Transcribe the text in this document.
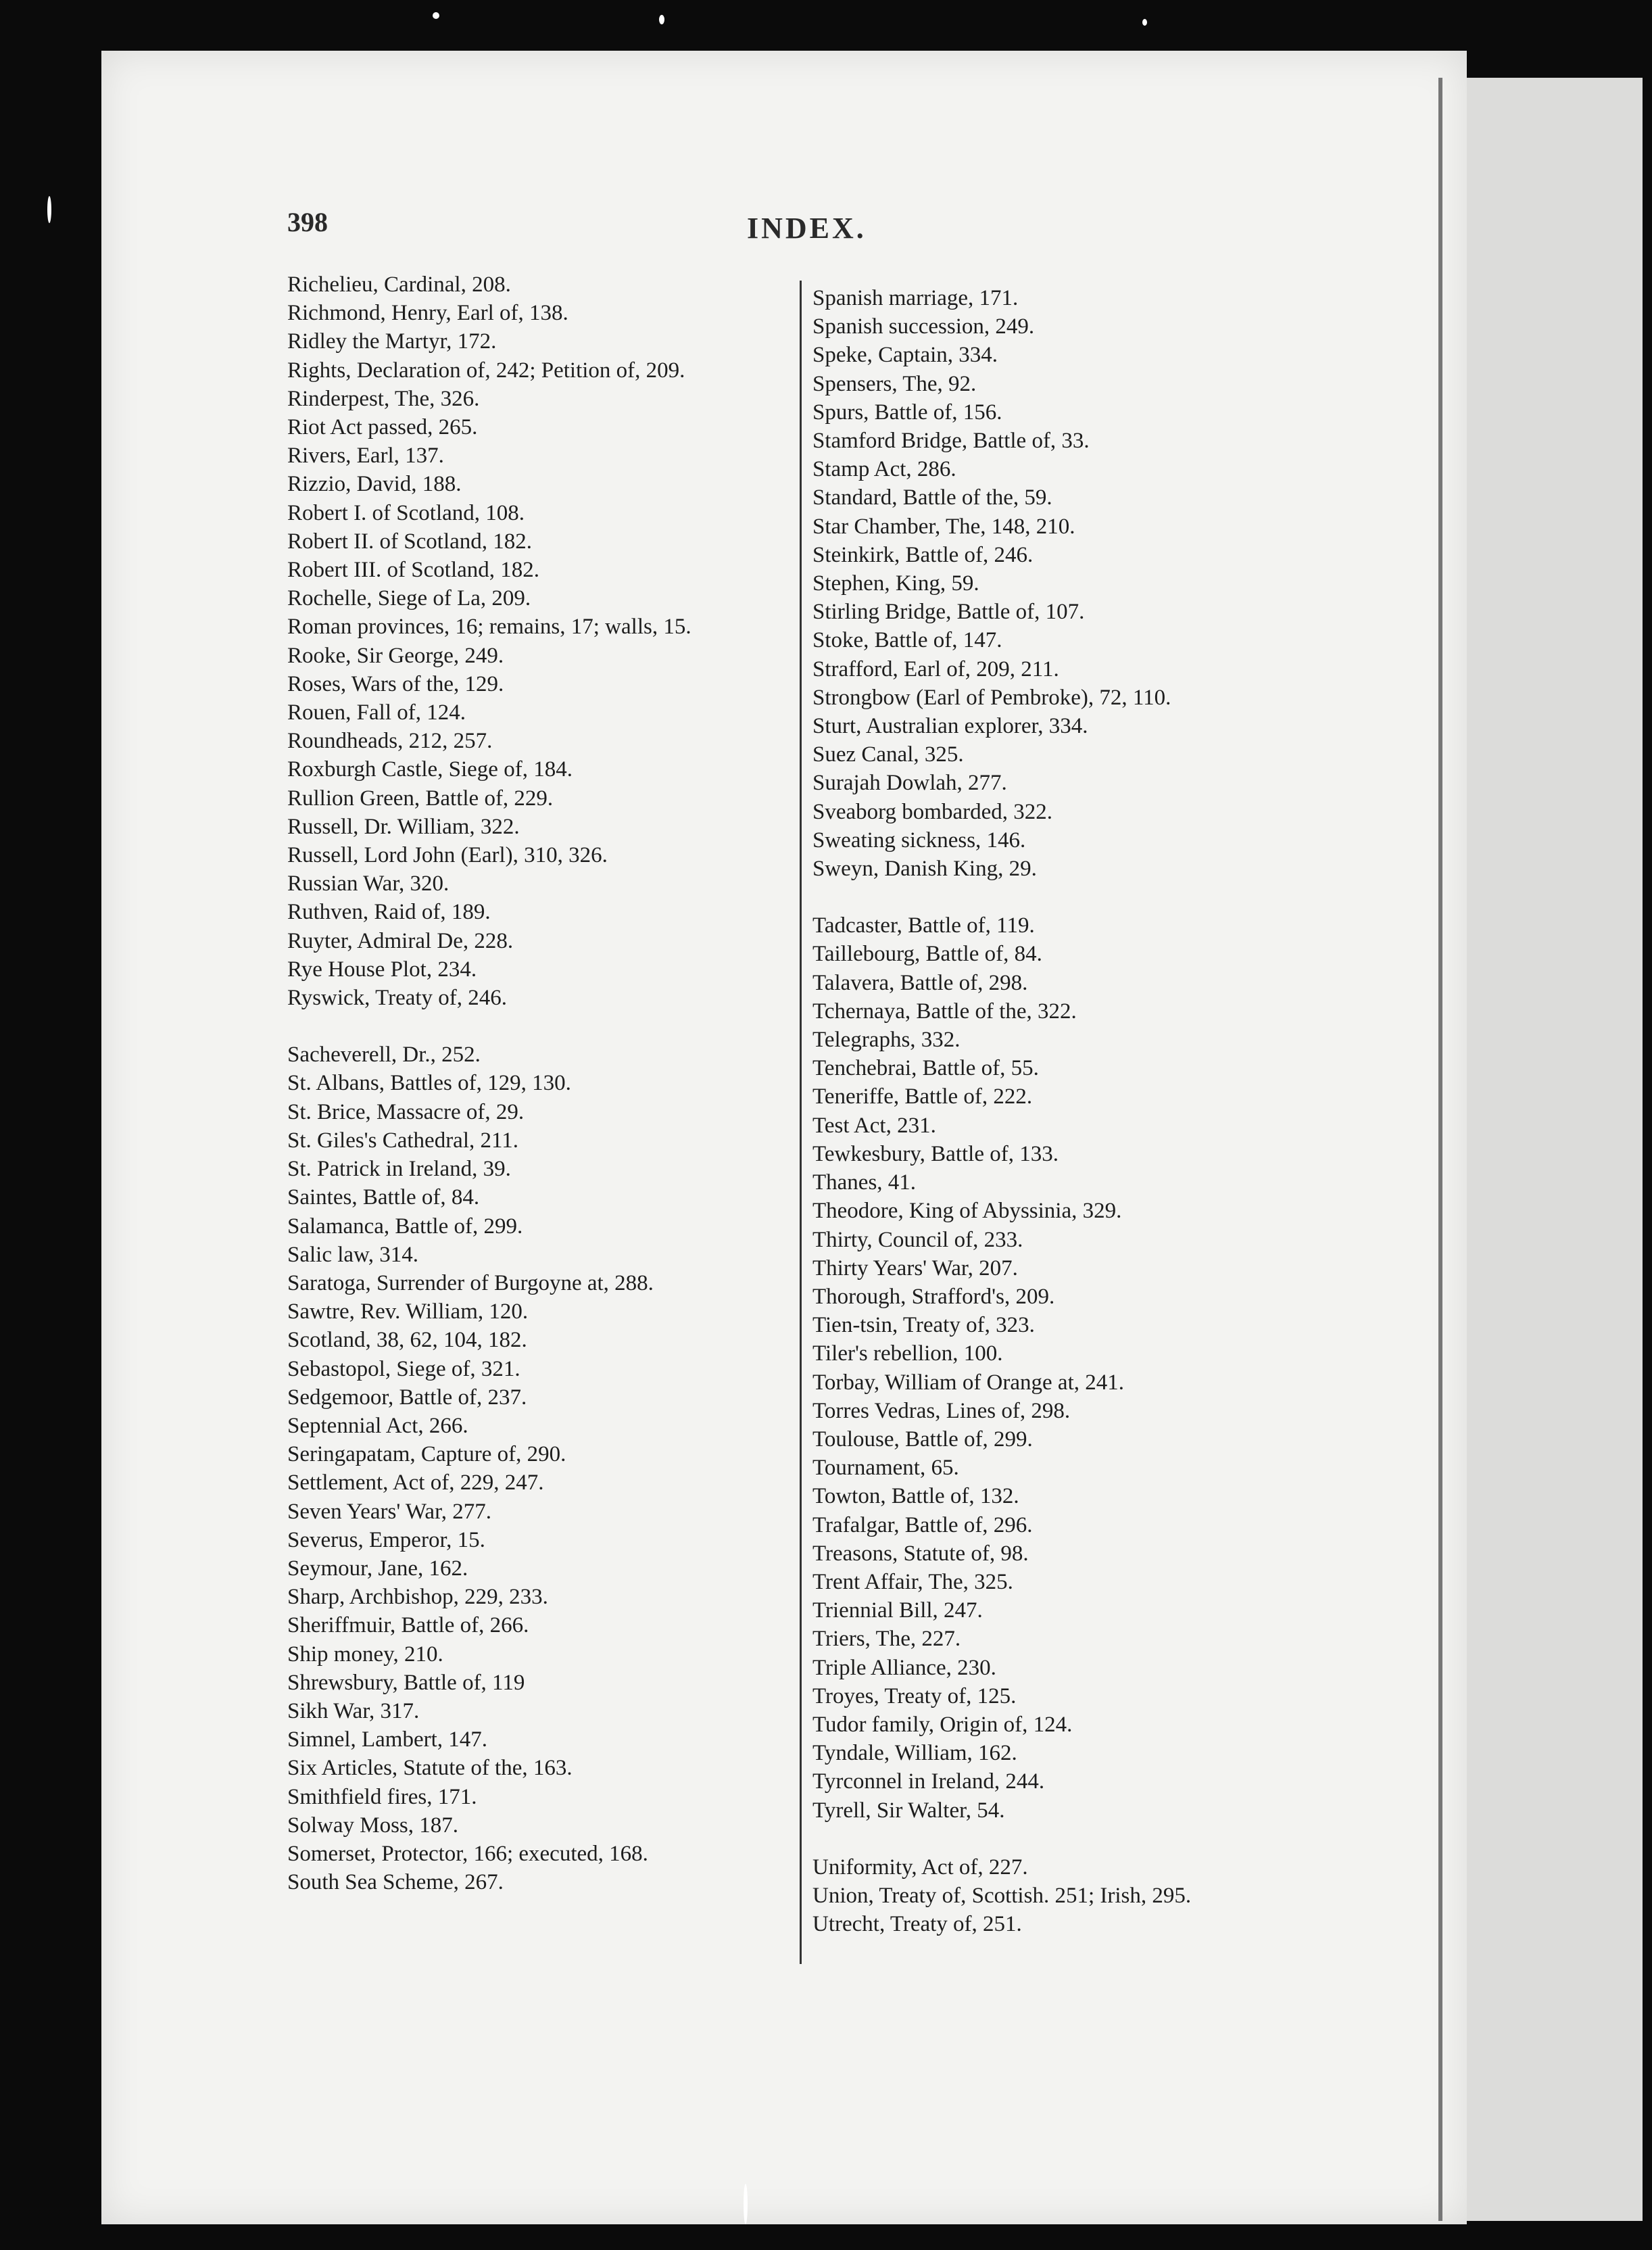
398	INDEX.
Richelieu, Cardinal, 208.
Richmond, Henry, Earl of, 138.
Ridley the Martyr, 172.
Rights, Declaration of, 242; Petition of, 209.
Rinderpest, The, 326.
Riot Act passed, 265.
Rivers, Earl, 137.
Rizzio, David, 188.
Robert I. of Scotland, 108.
Robert II. of Scotland, 182.
Robert III. of Scotland, 182.
Rochelle, Siege of La, 209.
Roman provinces, 16; remains, 17; walls, 15.
Rooke, Sir George, 249.
Roses, Wars of the, 129.
Rouen, Fall of, 124.
Roundheads, 212, 257.
Roxburgh Castle, Siege of, 184.
Rullion Green, Battle of, 229.
Russell, Dr. William, 322.
Russell, Lord John (Earl), 310, 326.
Russian War, 320.
Ruthven, Raid of, 189.
Ruyter, Admiral De, 228.
Rye House Plot, 234.
Ryswick, Treaty of, 246.
Sacheverell, Dr., 252.
St. Albans, Battles of, 129, 130.
St. Brice, Massacre of, 29.
St. Giles's Cathedral, 211.
St. Patrick in Ireland, 39.
Saintes, Battle of, 84.
Salamanca, Battle of, 299.
Salic law, 314.
Saratoga, Surrender of Burgoyne at, 288.
Sawtre, Rev. William, 120.
Scotland, 38, 62, 104, 182.
Sebastopol, Siege of, 321.
Sedgemoor, Battle of, 237.
Septennial Act, 266.
Seringapatam, Capture of, 290.
Settlement, Act of, 229, 247.
Seven Years' War, 277.
Severus, Emperor, 15.
Seymour, Jane, 162.
Sharp, Archbishop, 229, 233.
Sheriffmuir, Battle of, 266.
Ship money, 210.
Shrewsbury, Battle of, 119
Sikh War, 317.
Simnel, Lambert, 147.
Six Articles, Statute of the, 163.
Smithfield fires, 171.
Solway Moss, 187.
Somerset, Protector, 166; executed, 168.
South Sea Scheme, 267.
Spanish marriage, 171.
Spanish succession, 249.
Speke, Captain, 334.
Spensers, The, 92.
Spurs, Battle of, 156.
Stamford Bridge, Battle of, 33.
Stamp Act, 286.
Standard, Battle of the, 59.
Star Chamber, The, 148, 210.
Steinkirk, Battle of, 246.
Stephen, King, 59.
Stirling Bridge, Battle of, 107.
Stoke, Battle of, 147.
Strafford, Earl of, 209, 211.
Strongbow (Earl of Pembroke), 72, 110.
Sturt, Australian explorer, 334.
Suez Canal, 325.
Surajah Dowlah, 277.
Sveaborg bombarded, 322.
Sweating sickness, 146.
Sweyn, Danish King, 29.
Tadcaster, Battle of, 119.
Taillebourg, Battle of, 84.
Talavera, Battle of, 298.
Tchernaya, Battle of the, 322.
Telegraphs, 332.
Tenchebrai, Battle of, 55.
Teneriffe, Battle of, 222.
Test Act, 231.
Tewkesbury, Battle of, 133.
Thanes, 41.
Theodore, King of Abyssinia, 329.
Thirty, Council of, 233.
Thirty Years' War, 207.
Thorough, Strafford's, 209.
Tien-tsin, Treaty of, 323.
Tiler's rebellion, 100.
Torbay, William of Orange at, 241.
Torres Vedras, Lines of, 298.
Toulouse, Battle of, 299.
Tournament, 65.
Towton, Battle of, 132.
Trafalgar, Battle of, 296.
Treasons, Statute of, 98.
Trent Affair, The, 325.
Triennial Bill, 247.
Triers, The, 227.
Triple Alliance, 230.
Troyes, Treaty of, 125.
Tudor family, Origin of, 124.
Tyndale, William, 162.
Tyrconnel in Ireland, 244.
Tyrell, Sir Walter, 54.
Uniformity, Act of, 227.
Union, Treaty of, Scottish. 251; Irish, 295.
Utrecht, Treaty of, 251.
